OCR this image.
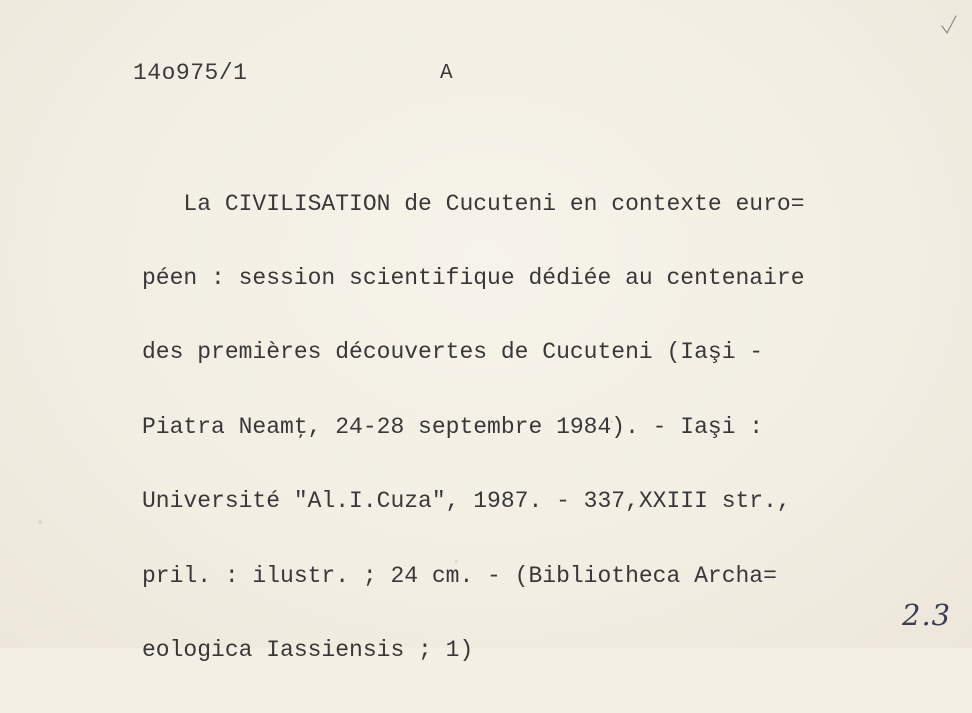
14o975/1	A

La CIVILISATION de Cucuteni en contexte euro=

péen : session scientifique dédiée au centenaire

des premières découvertes de Cucuteni (Iaşi -

Piatra Neamţ, 24-28 septembre 1984). - Iaşi :

Université "Al.I.Cuza", 1987. - 337,XXIII str.,

pril. : ilustr. ; 24 cm. - (Bibliotheca Archa=

eologica Iassiensis ; 1)

2.3
